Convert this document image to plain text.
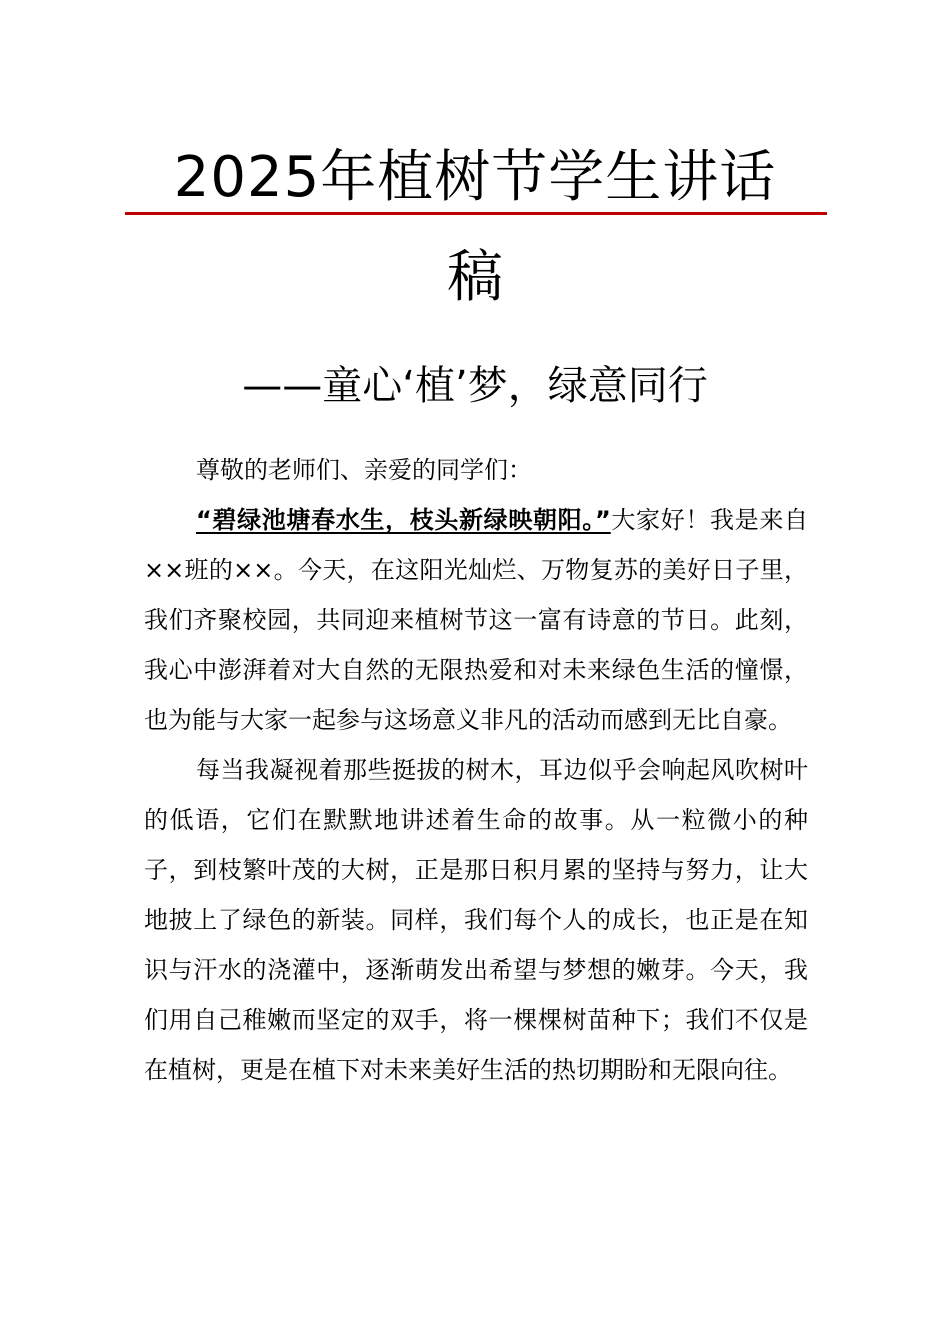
2025年植树节学生讲话
稿
——童心‘植’梦，绿意同行

尊敬的老师们、亲爱的同学们：

“碧绿池塘春水生，枝头新绿映朝阳。”大家好！我是来自××班的××。今天，在这阳光灿烂、万物复苏的美好日子里，我们齐聚校园，共同迎来植树节这一富有诗意的节日。此刻，我心中澎湃着对大自然的无限热爱和对未来绿色生活的憧憬，也为能与大家一起参与这场意义非凡的活动而感到无比自豪。

每当我凝视着那些挺拔的树木，耳边似乎会响起风吹树叶的低语，它们在默默地讲述着生命的故事。从一粒微小的种子，到枝繁叶茂的大树，正是那日积月累的坚持与努力，让大地披上了绿色的新装。同样，我们每个人的成长，也正是在知识与汗水的浇灌中，逐渐萌发出希望与梦想的嫩芽。今天，我们用自己稚嫩而坚定的双手，将一棵棵树苗种下；我们不仅是在植树，更是在植下对未来美好生活的热切期盼和无限向往。
